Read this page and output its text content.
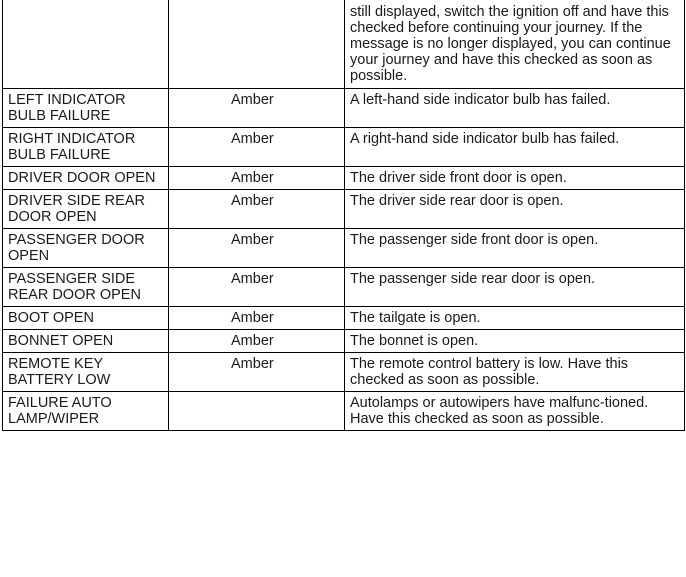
		still displayed, switch the ignition off and have this checked before continuing your journey. If the message is no longer displayed, you can continue your journey and have this checked as soon as possible.
LEFT INDICATOR BULB FAILURE	Amber	A left-hand side indicator bulb has failed.
RIGHT INDICATOR BULB FAILURE	Amber	A right-hand side indicator bulb has failed.
DRIVER DOOR OPEN	Amber	The driver side front door is open.
DRIVER SIDE REAR DOOR OPEN	Amber	The driver side rear door is open.
PASSENGER DOOR OPEN	Amber	The passenger side front door is open.
PASSENGER SIDE REAR DOOR OPEN	Amber	The passenger side rear door is open.
BOOT OPEN	Amber	The tailgate is open.
BONNET OPEN	Amber	The bonnet is open.
REMOTE KEY BATTERY LOW	Amber	The remote control battery is low. Have this checked as soon as possible.
FAILURE AUTO LAMP/WIPER		Autolamps or autowipers have malfunc-tioned. Have this checked as soon as possible.
